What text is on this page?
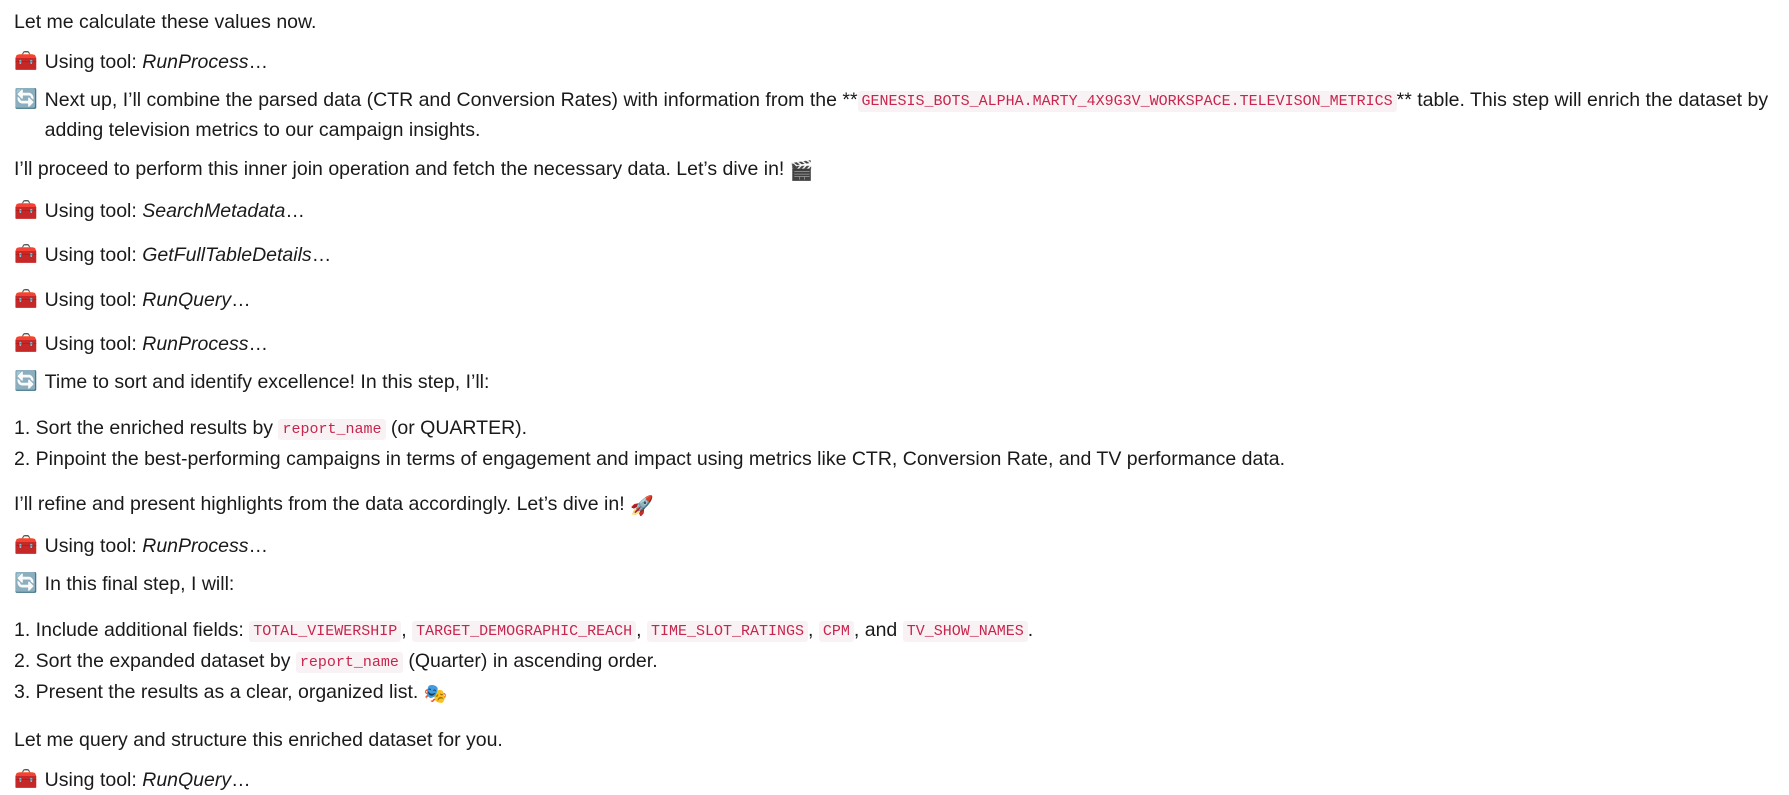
Let me calculate these values now.
🧰 Using tool: RunProcess…
🔄 Next up, I’ll combine the parsed data (CTR and Conversion Rates) with information from the ** GENESIS_BOTS_ALPHA.MARTY_4X9G3V_WORKSPACE.TELEVISON_METRICS ** table. This step will enrich the dataset by adding television metrics to our campaign insights.
I’ll proceed to perform this inner join operation and fetch the necessary data. Let’s dive in! 🎬
🧰 Using tool: SearchMetadata…
🧰 Using tool: GetFullTableDetails…
🧰 Using tool: RunQuery…
🧰 Using tool: RunProcess…
🔄 Time to sort and identify excellence! In this step, I’ll:
1. Sort the enriched results by report_name (or QUARTER).
2. Pinpoint the best-performing campaigns in terms of engagement and impact using metrics like CTR, Conversion Rate, and TV performance data.
I’ll refine and present highlights from the data accordingly. Let’s dive in! 🚀
🧰 Using tool: RunProcess…
🔄 In this final step, I will:
1. Include additional fields: TOTAL_VIEWERSHIP , TARGET_DEMOGRAPHIC_REACH , TIME_SLOT_RATINGS , CPM , and TV_SHOW_NAMES .
2. Sort the expanded dataset by report_name (Quarter) in ascending order.
3. Present the results as a clear, organized list. 🎭
Let me query and structure this enriched dataset for you.
🧰 Using tool: RunQuery…
